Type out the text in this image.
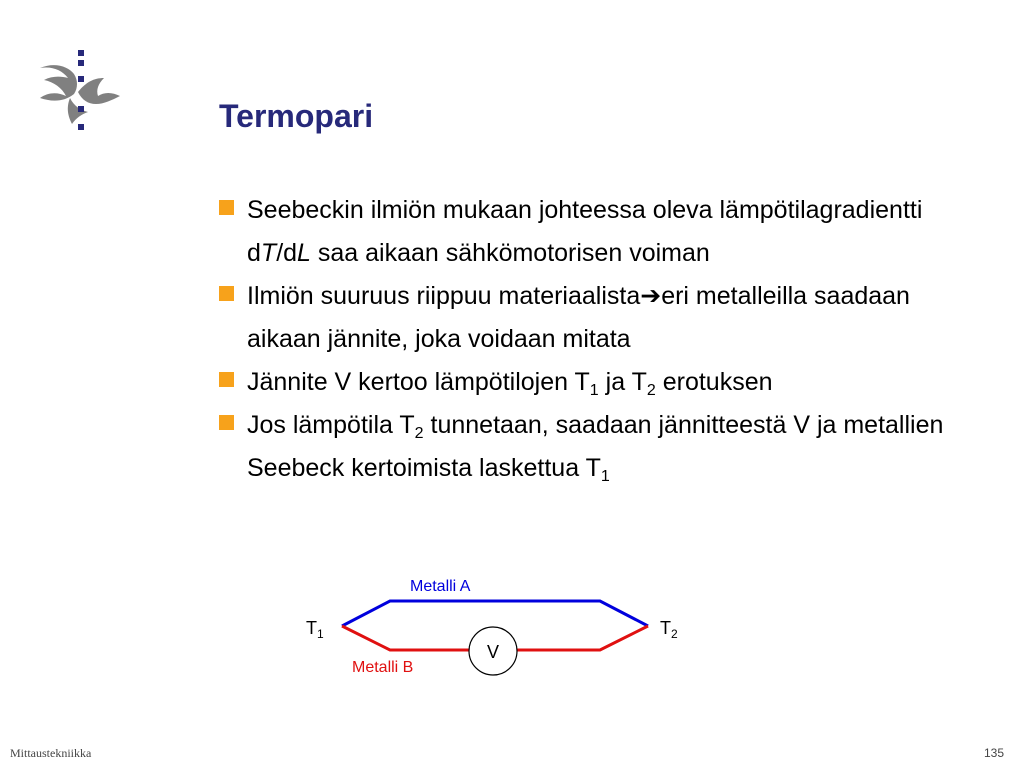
Termopari
Seebeckin ilmiön mukaan johteessa oleva lämpötilagradientti dT/dL saa aikaan sähkömotorisen voiman
Ilmiön suuruus riippuu materiaalista➔eri metalleilla saadaan aikaan jännite, joka voidaan mitata
Jännite V kertoo lämpötilojen $T_1$ ja $T_2$ erotuksen
Jos lämpötila $T_2$ tunnetaan, saadaan jännitteestä V ja metallien Seebeck kertoimista laskettua $T_1$
V
Metalli A
Metalli B
$T_1$	$T_2$
Mittaustekniikka	135
